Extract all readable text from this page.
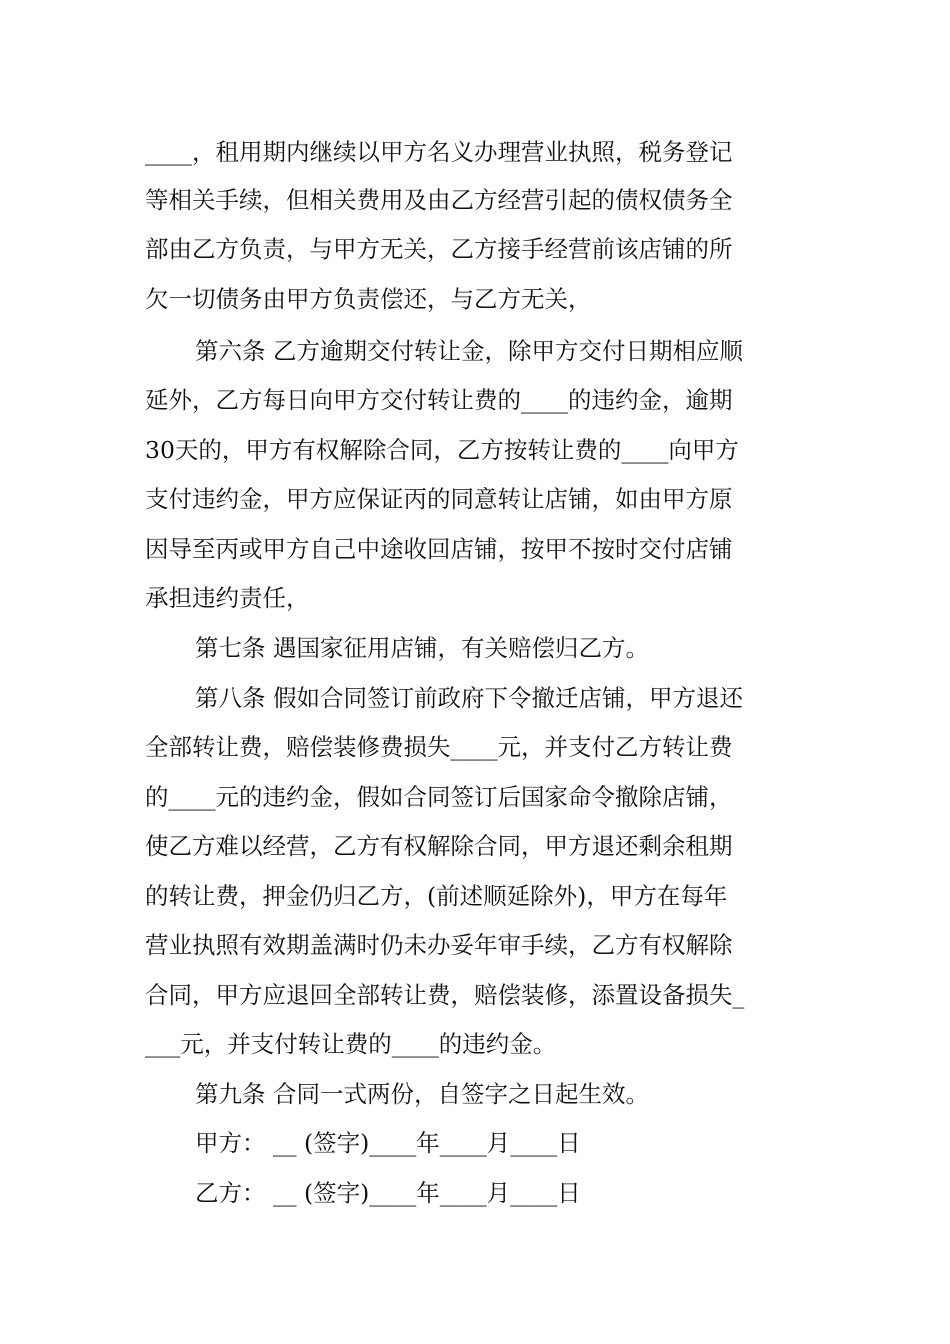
____，租用期内继续以甲方名义办理营业执照，税务登记
等相关手续，但相关费用及由乙方经营引起的债权债务全
部由乙方负责，与甲方无关，乙方接手经营前该店铺的所
欠一切债务由甲方负责偿还，与乙方无关，
第六条 乙方逾期交付转让金，除甲方交付日期相应顺
延外，乙方每日向甲方交付转让费的____的违约金，逾期
30天的，甲方有权解除合同，乙方按转让费的____向甲方
支付违约金，甲方应保证丙的同意转让店铺，如由甲方原
因导至丙或甲方自己中途收回店铺，按甲不按时交付店铺
承担违约责任，
第七条 遇国家征用店铺，有关赔偿归乙方。
第八条 假如合同签订前政府下令撤迁店铺，甲方退还
全部转让费，赔偿装修费损失____元，并支付乙方转让费
的____元的违约金，假如合同签订后国家命令撤除店铺，
使乙方难以经营，乙方有权解除合同，甲方退还剩余租期
的转让费，押金仍归乙方，(前述顺延除外)，甲方在每年
营业执照有效期盖满时仍未办妥年审手续，乙方有权解除
合同，甲方应退回全部转让费，赔偿装修，添置设备损失_
___元，并支付转让费的____的违约金。
第九条 合同一式两份，自签字之日起生效。
甲方： __ (签字)____年____月____日
乙方： __ (签字)____年____月____日
